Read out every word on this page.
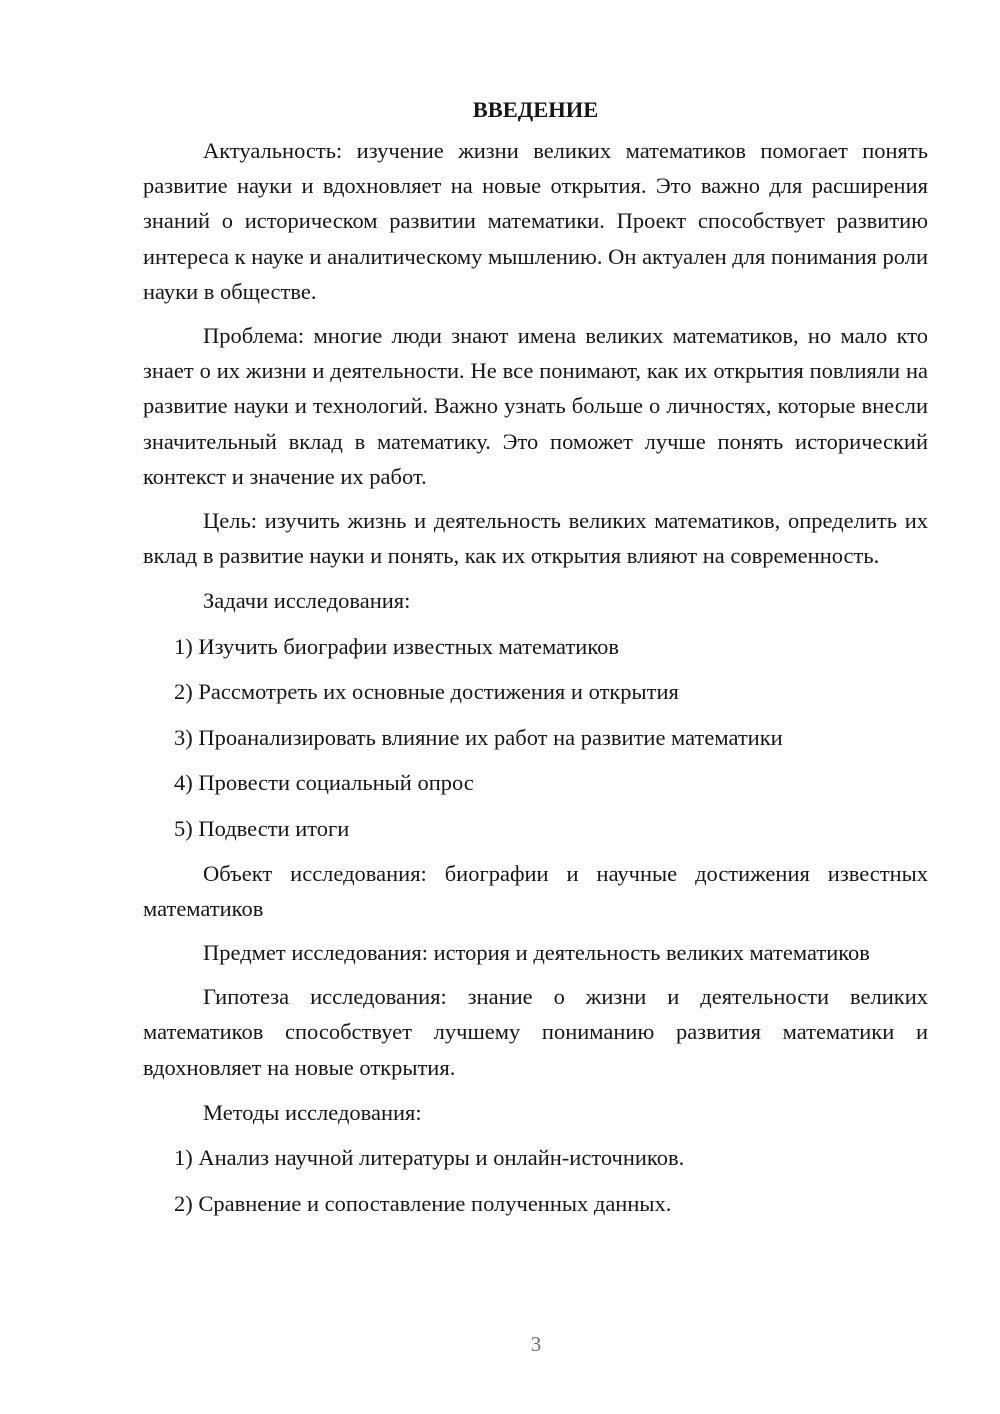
ВВЕДЕНИЕ

Актуальность: изучение жизни великих математиков помогает понять развитие науки и вдохновляет на новые открытия. Это важно для расширения знаний о историческом развитии математики. Проект способствует развитию интереса к науке и аналитическому мышлению. Он актуален для понимания роли науки в обществе.

Проблема: многие люди знают имена великих математиков, но мало кто знает о их жизни и деятельности. Не все понимают, как их открытия повлияли на развитие науки и технологий. Важно узнать больше о личностях, которые внесли значительный вклад в математику. Это поможет лучше понять исторический контекст и значение их работ.

Цель: изучить жизнь и деятельность великих математиков, определить их вклад в развитие науки и понять, как их открытия влияют на современность.

Задачи исследования:

1) Изучить биографии известных математиков

2) Рассмотреть их основные достижения и открытия

3) Проанализировать влияние их работ на развитие математики

4) Провести социальный опрос

5) Подвести итоги

Объект исследования: биографии и научные достижения известных математиков

Предмет исследования: история и деятельность великих математиков

Гипотеза исследования: знание о жизни и деятельности великих математиков способствует лучшему пониманию развития математики и вдохновляет на новые открытия.

Методы исследования:

1) Анализ научной литературы и онлайн-источников.

2) Сравнение и сопоставление полученных данных.

3
